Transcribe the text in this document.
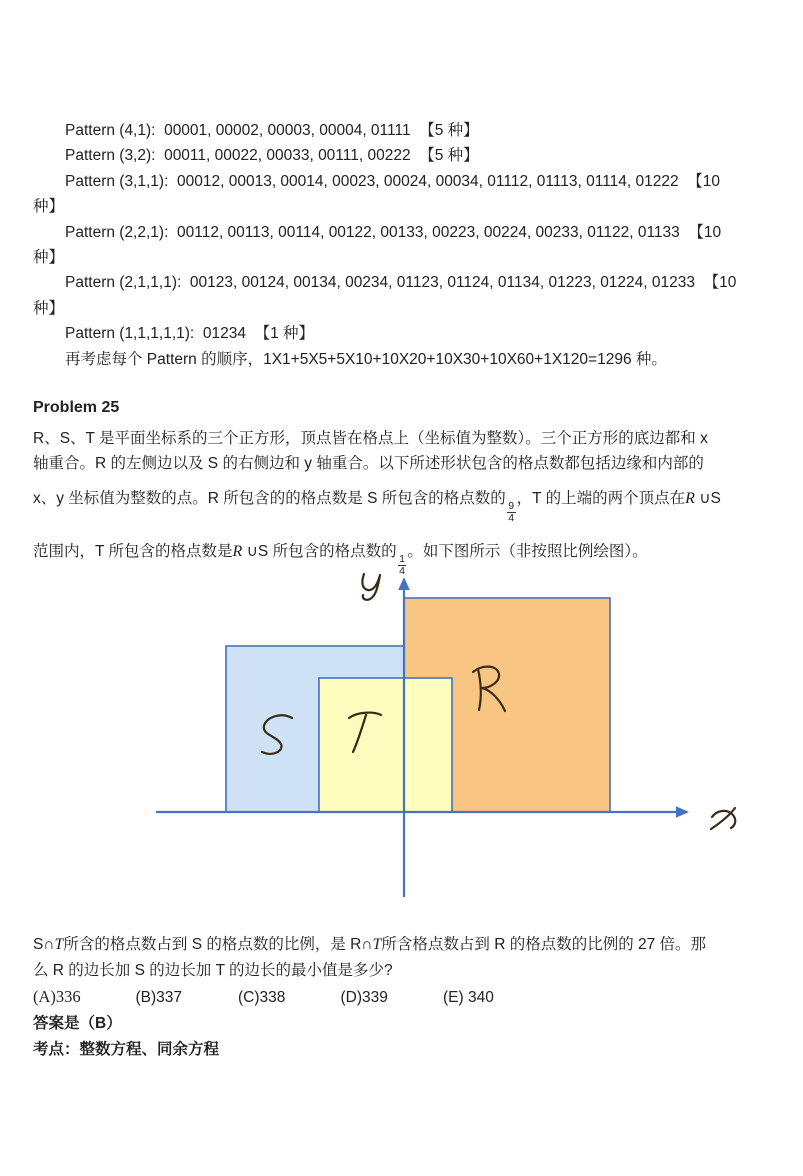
Pattern (4,1):  00001, 00002, 00003, 00004, 01111  【5 种】
Pattern (3,2):  00011, 00022, 00033, 00111, 00222  【5 种】
Pattern (3,1,1):  00012, 00013, 00014, 00023, 00024, 00034, 01112, 01113, 01114, 01222  【10
种】
Pattern (2,2,1):  00112, 00113, 00114, 00122, 00133, 00223, 00224, 00233, 01122, 01133  【10
种】
Pattern (2,1,1,1):  00123, 00124, 00134, 00234, 01123, 01124, 01134, 01223, 01224, 01233  【10
种】
Pattern (1,1,1,1,1):  01234  【1 种】
再考虑每个 Pattern 的顺序，1X1+5X5+5X10+10X20+10X30+10X60+1X120=1296 种。
Problem 25
R、S、T 是平面坐标系的三个正方形，顶点皆在格点上（坐标值为整数）。三个正方形的底边都和 x
轴重合。R 的左侧边以及 S 的右侧边和 y 轴重合。以下所述形状包含的格点数都包括边缘和内部的
x、y 坐标值为整数的点。R 所包含的的格点数是 S 所包含的格点数的
$\frac{9}{4}$
，T 的上端的两个顶点在R ∪S
范围内，T 所包含的格点数是R ∪S 所包含的格点数的
$\frac{1}{4}$
。如下图所示（非按照比例绘图）。
S∩T所含的格点数占到 S 的格点数的比例，是 R∩T所含格点数占到 R 的格点数的比例的 27 倍。那
么 R 的边长加 S 的边长加 T 的边长的最小值是多少?
(A)336	(B)337	(C)338	(D)339	(E) 340
答案是（B）
考点：整数方程、同余方程
